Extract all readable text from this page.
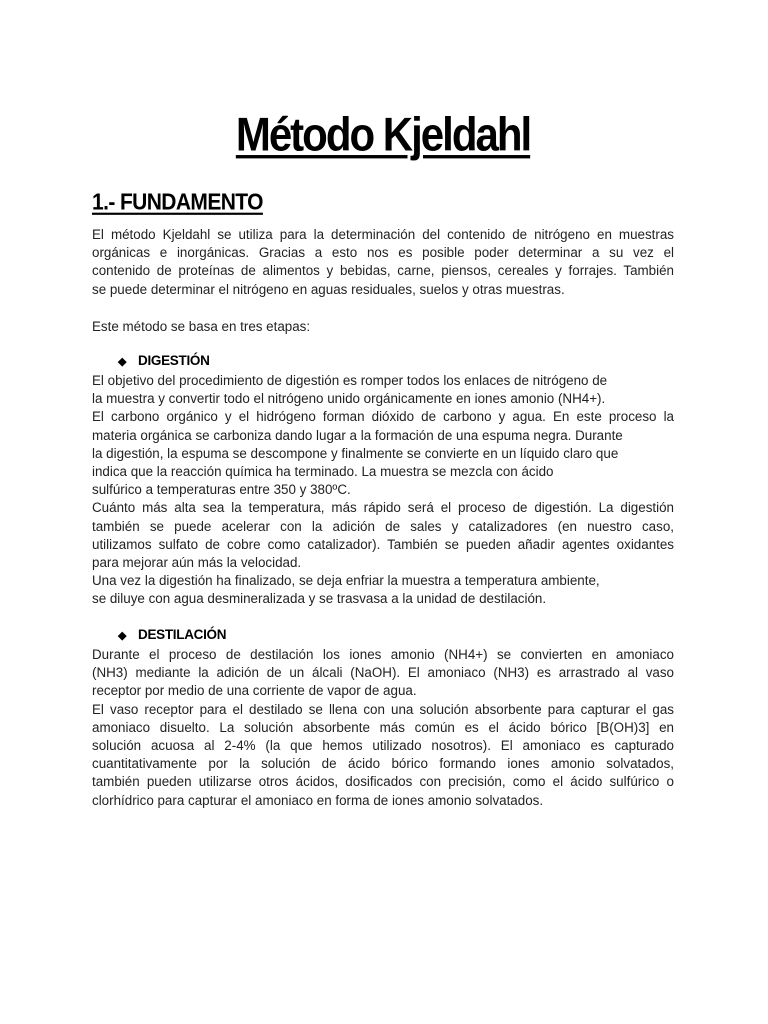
Método Kjeldahl
1.- FUNDAMENTO
El método Kjeldahl se utiliza para la determinación del contenido de nitrógeno en muestras
orgánicas e inorgánicas. Gracias a esto nos es posible poder determinar a su vez el
contenido de proteínas de alimentos y bebidas, carne, piensos, cereales y forrajes. También
se puede determinar el nitrógeno en aguas residuales, suelos y otras muestras.

Este método se basa en tres etapas:

◆ DIGESTIÓN
El objetivo del procedimiento de digestión es romper todos los enlaces de nitrógeno de
la muestra y convertir todo el nitrógeno unido orgánicamente en iones amonio (NH4+).
El carbono orgánico y el hidrógeno forman dióxido de carbono y agua. En este proceso la
materia orgánica se carboniza dando lugar a la formación de una espuma negra. Durante
la digestión, la espuma se descompone y finalmente se convierte en un líquido claro que
indica que la reacción química ha terminado. La muestra se mezcla con ácido
sulfúrico a temperaturas entre 350 y 380ºC.
Cuánto más alta sea la temperatura, más rápido será el proceso de digestión. La digestión
también se puede acelerar con la adición de sales y catalizadores (en nuestro caso,
utilizamos sulfato de cobre como catalizador). También se pueden añadir agentes oxidantes
para mejorar aún más la velocidad.
Una vez la digestión ha finalizado, se deja enfriar la muestra a temperatura ambiente,
se diluye con agua desmineralizada y se trasvasa a la unidad de destilación.
◆ DESTILACIÓN
Durante el proceso de destilación los iones amonio (NH4+) se convierten en amoniaco
(NH3) mediante la adición de un álcali (NaOH). El amoniaco (NH3) es arrastrado al vaso
receptor por medio de una corriente de vapor de agua.
El vaso receptor para el destilado se llena con una solución absorbente para capturar el gas
amoniaco disuelto. La solución absorbente más común es el ácido bórico [B(OH)3] en
solución acuosa al 2-4% (la que hemos utilizado nosotros). El amoniaco es capturado
cuantitativamente por la solución de ácido bórico formando iones amonio solvatados,
también pueden utilizarse otros ácidos, dosificados con precisión, como el ácido sulfúrico o
clorhídrico para capturar el amoniaco en forma de iones amonio solvatados.
